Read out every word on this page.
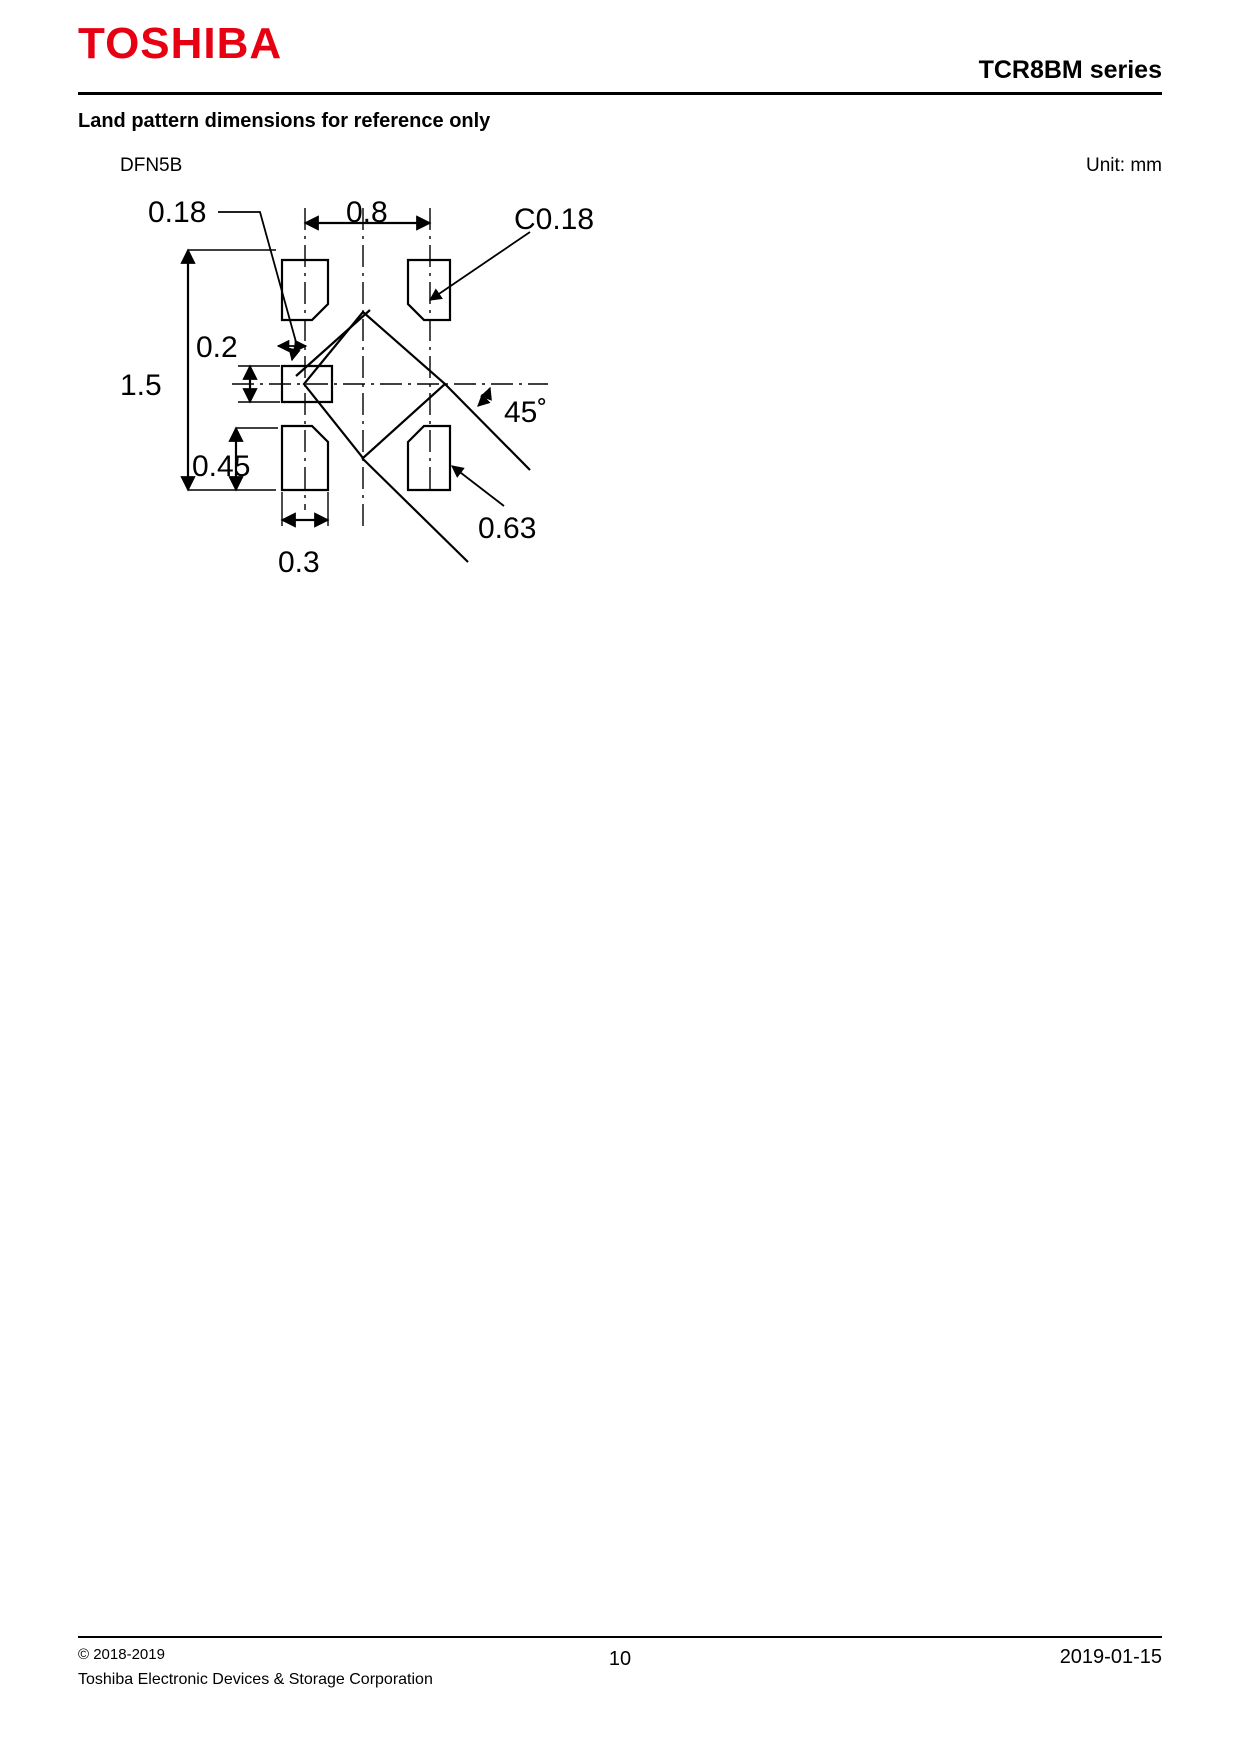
TOSHIBA
TCR8BM series
Land pattern dimensions for reference only
DFN5B	Unit: mm
0.18	0.8	C0.18
0.2
1.5
45˚
0.45
0.63
0.3
© 2018-2019
Toshiba Electronic Devices & Storage Corporation
10	2019-01-15
